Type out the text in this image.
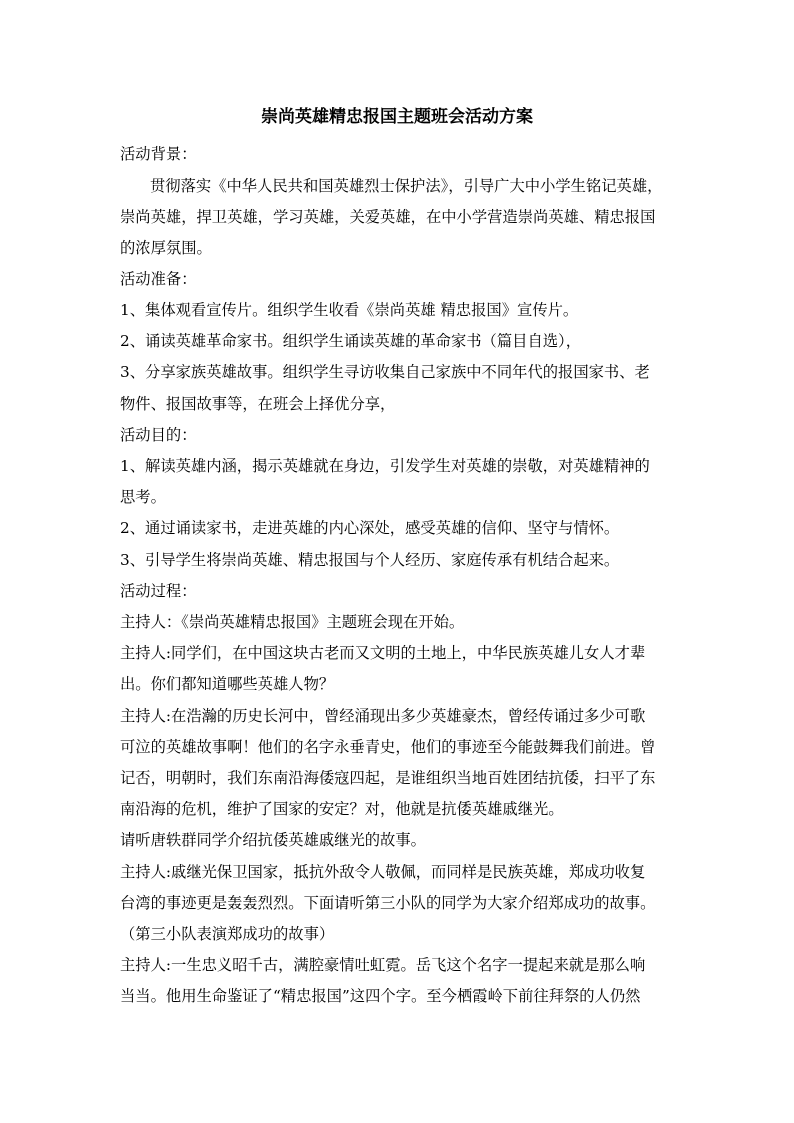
崇尚英雄精忠报国主题班会活动方案
活动背景：
贯彻落实《中华人民共和国英雄烈士保护法》，引导广大中小学生铭记英雄，
崇尚英雄，捍卫英雄，学习英雄，关爱英雄，在中小学营造崇尚英雄、精忠报国
的浓厚氛围。
活动准备：
1、集体观看宣传片。组织学生收看《崇尚英雄 精忠报国》宣传片。
2、诵读英雄革命家书。组织学生诵读英雄的革命家书（篇目自选），
3、分享家族英雄故事。组织学生寻访收集自己家族中不同年代的报国家书、老
物件、报国故事等，在班会上择优分享，
活动目的：
1、解读英雄内涵，揭示英雄就在身边，引发学生对英雄的崇敬，对英雄精神的
思考。
2、通过诵读家书，走进英雄的内心深处，感受英雄的信仰、坚守与情怀。
3、引导学生将崇尚英雄、精忠报国与个人经历、家庭传承有机结合起来。
活动过程：
主持人：《崇尚英雄精忠报国》主题班会现在开始。
主持人:同学们，在中国这块古老而又文明的土地上，中华民族英雄儿女人才辈
出。你们都知道哪些英雄人物？
主持人:在浩瀚的历史长河中，曾经涌现出多少英雄豪杰，曾经传诵过多少可歌
可泣的英雄故事啊！他们的名字永垂青史，他们的事迹至今能鼓舞我们前进。曾
记否，明朝时，我们东南沿海倭寇四起，是谁组织当地百姓团结抗倭，扫平了东
南沿海的危机，维护了国家的安定？对，他就是抗倭英雄戚继光。
请听唐轶群同学介绍抗倭英雄戚继光的故事。
主持人:戚继光保卫国家，抵抗外敌令人敬佩，而同样是民族英雄，郑成功收复
台湾的事迹更是轰轰烈烈。下面请听第三小队的同学为大家介绍郑成功的故事。
（第三小队表演郑成功的故事）
主持人:一生忠义昭千古，满腔豪情吐虹霓。岳飞这个名字一提起来就是那么响
当当。他用生命鉴证了“精忠报国”这四个字。至今栖霞岭下前往拜祭的人仍然
